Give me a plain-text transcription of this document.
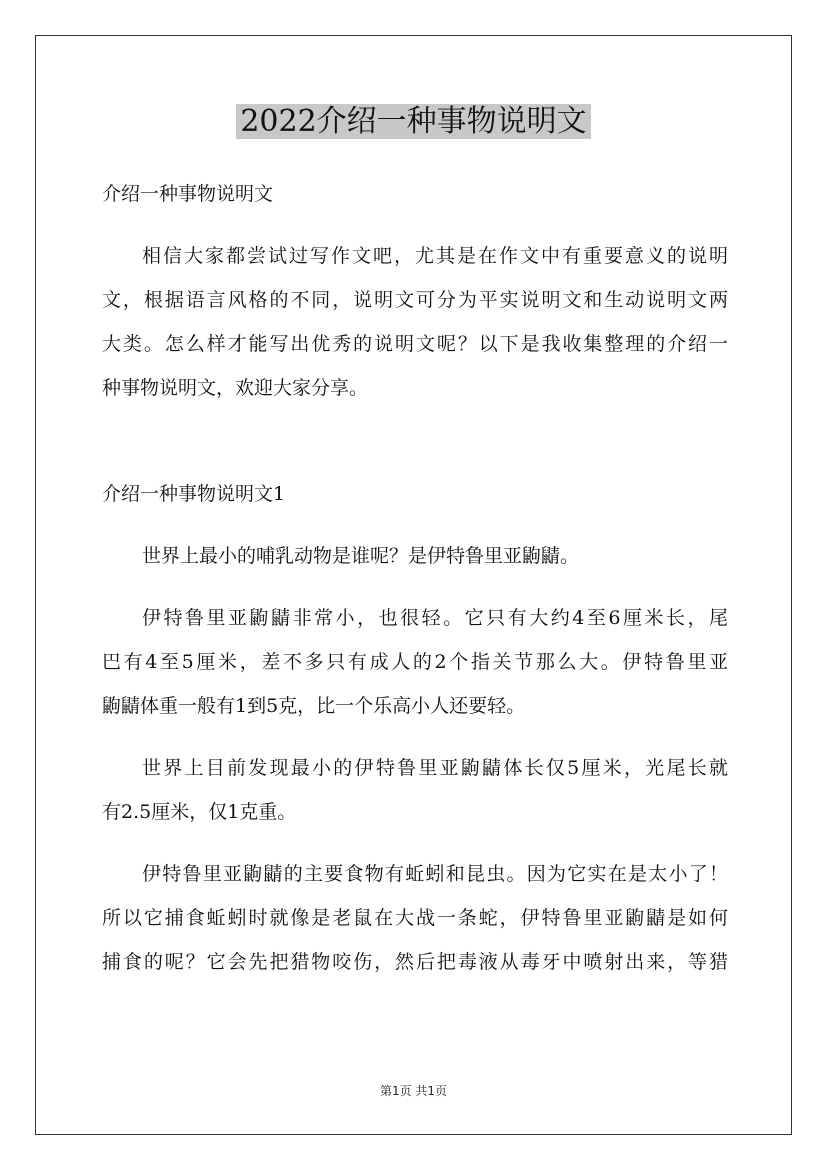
2022介绍一种事物说明文
介绍一种事物说明文
相信大家都尝试过写作文吧，尤其是在作文中有重要意义的说明
文，根据语言风格的不同，说明文可分为平实说明文和生动说明文两
大类。怎么样才能写出优秀的说明文呢？以下是我收集整理的介绍一
种事物说明文，欢迎大家分享。
介绍一种事物说明文1
世界上最小的哺乳动物是谁呢？是伊特鲁里亚鼩鼱。
伊特鲁里亚鼩鼱非常小，也很轻。它只有大约4至6厘米长，尾
巴有4至5厘米，差不多只有成人的2个指关节那么大。伊特鲁里亚
鼩鼱体重一般有1到5克，比一个乐高小人还要轻。
世界上目前发现最小的伊特鲁里亚鼩鼱体长仅5厘米，光尾长就
有2.5厘米，仅1克重。
伊特鲁里亚鼩鼱的主要食物有蚯蚓和昆虫。因为它实在是太小了！
所以它捕食蚯蚓时就像是老鼠在大战一条蛇，伊特鲁里亚鼩鼱是如何
捕食的呢？它会先把猎物咬伤，然后把毒液从毒牙中喷射出来，等猎
第1页 共1页
